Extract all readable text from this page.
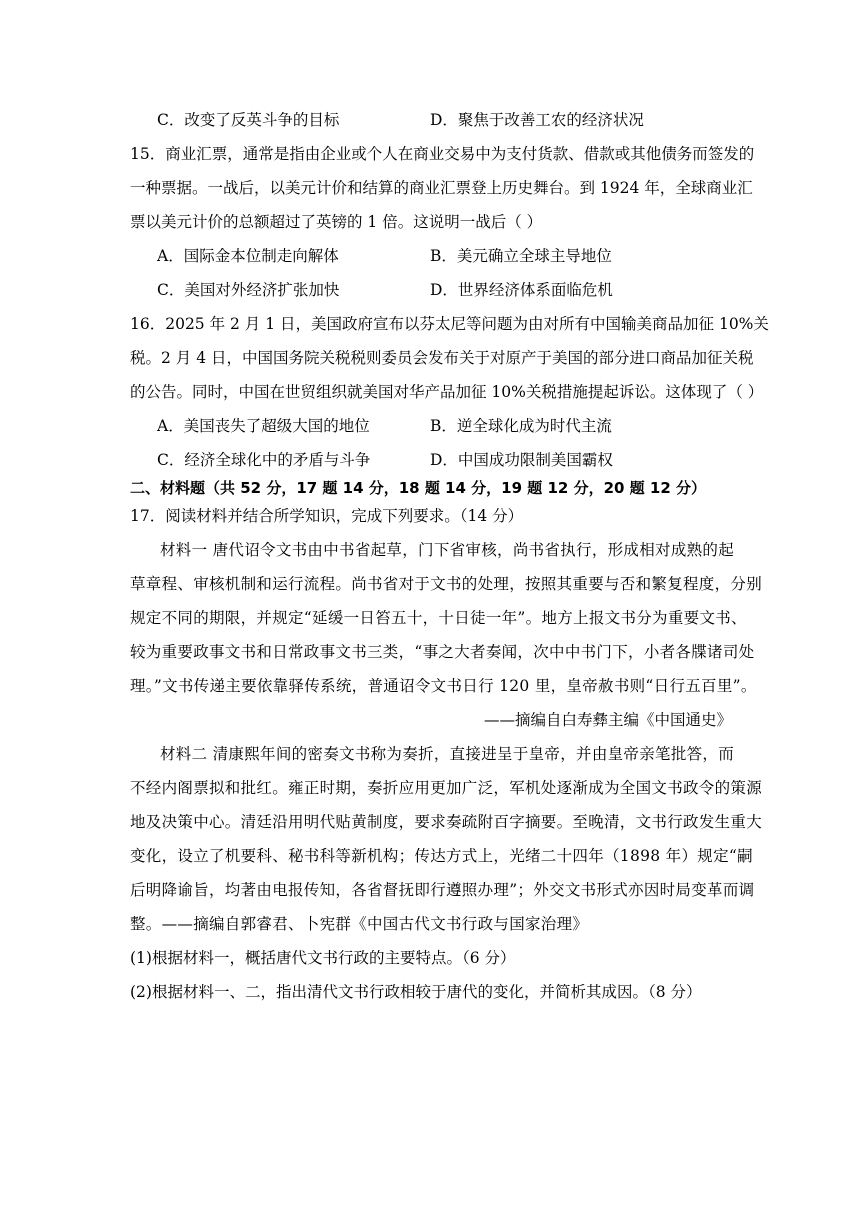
C．改变了反英斗争的目标	D．聚焦于改善工农的经济状况
15．商业汇票，通常是指由企业或个人在商业交易中为支付货款、借款或其他债务而签发的
一种票据。一战后，以美元计价和结算的商业汇票登上历史舞台。到 1924 年，全球商业汇
票以美元计价的总额超过了英镑的 1 倍。这说明一战后（ ）
A．国际金本位制走向解体	B．美元确立全球主导地位
C．美国对外经济扩张加快	D．世界经济体系面临危机
16．2025 年 2 月 1 日，美国政府宣布以芬太尼等问题为由对所有中国输美商品加征 10%关
税。2 月 4 日，中国国务院关税税则委员会发布关于对原产于美国的部分进口商品加征关税
的公告。同时，中国在世贸组织就美国对华产品加征 10%关税措施提起诉讼。这体现了（ ）
A．美国丧失了超级大国的地位	B．逆全球化成为时代主流
C．经济全球化中的矛盾与斗争	D．中国成功限制美国霸权
二、材料题（共 52 分，17 题 14 分，18 题 14 分，19 题 12 分，20 题 12 分）
17．阅读材料并结合所学知识，完成下列要求。（14 分）
材料一 唐代诏令文书由中书省起草，门下省审核，尚书省执行，形成相对成熟的起
草章程、审核机制和运行流程。尚书省对于文书的处理，按照其重要与否和繁复程度，分别
规定不同的期限，并规定“延缓一日笞五十，十日徒一年”。地方上报文书分为重要文书、
较为重要政事文书和日常政事文书三类，“事之大者奏闻，次中中书门下，小者各牒诸司处
理。”文书传递主要依靠驿传系统，普通诏令文书日行 120 里，皇帝赦书则“日行五百里”。
——摘编自白寿彝主编《中国通史》
材料二 清康熙年间的密奏文书称为奏折，直接进呈于皇帝，并由皇帝亲笔批答，而
不经内阁票拟和批红。雍正时期，奏折应用更加广泛，军机处逐渐成为全国文书政令的策源
地及决策中心。清廷沿用明代贴黄制度，要求奏疏附百字摘要。至晚清，文书行政发生重大
变化，设立了机要科、秘书科等新机构；传达方式上，光绪二十四年（1898 年）规定“嗣
后明降谕旨，均著由电报传知，各省督抚即行遵照办理”；外交文书形式亦因时局变革而调
整。——摘编自郭睿君、卜宪群《中国古代文书行政与国家治理》
(1)根据材料一，概括唐代文书行政的主要特点。（6 分）
(2)根据材料一、二，指出清代文书行政相较于唐代的变化，并简析其成因。（8 分）
